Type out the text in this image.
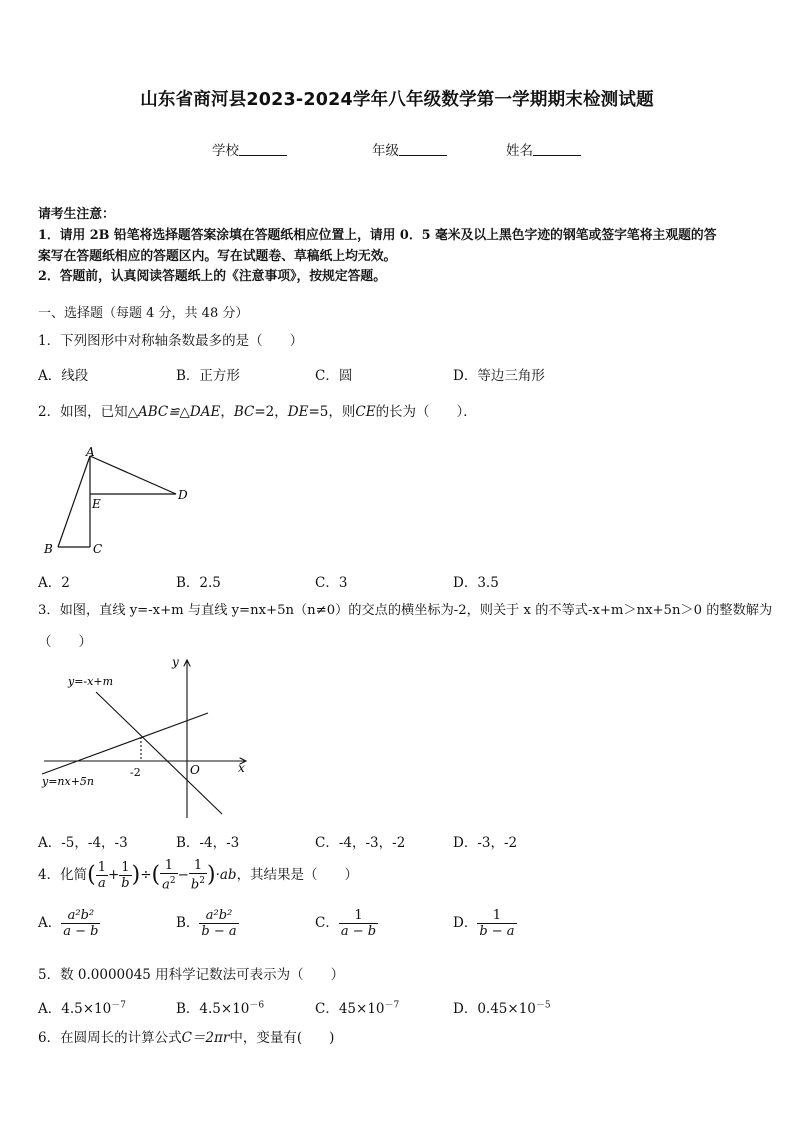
山东省商河县2023-2024学年八年级数学第一学期期末检测试题
学校	年级	姓名
请考生注意：
1．请用 2B 铅笔将选择题答案涂填在答题纸相应位置上，请用 0．5 毫米及以上黑色字迹的钢笔或签字笔将主观题的答
案写在答题纸相应的答题区内。写在试题卷、草稿纸上均无效。
2．答题前，认真阅读答题纸上的《注意事项》，按规定答题。
一、选择题（每题 4 分，共 48 分）
1．下列图形中对称轴条数最多的是（　　）
A．线段	B．正方形	C．圆	D．等边三角形
2．如图，已知△ABC≌△DAE，BC=2，DE=5，则CE的长为（　　）．
A
B	C
D
E
A．2	B．2.5	C．3	D．3.5
3．如图，直线 y=-x+m 与直线 y=nx+5n（n≠0）的交点的横坐标为-2，则关于 x 的不等式-x+m＞nx+5n＞0 的整数解为
（　　）
y
x
O
-2
y=-x+m
y=nx+5n
A．-5，-4，-3	B．-4，-3	C．-4，-3，-2	D．-3，-2
4．化简( $\frac{1}{a} + \frac{1}{b}$ )÷( $\frac{1}{a^2} - \frac{1}{b^2} )\cdot ab$，其结果是（　　）
A． $\frac{\text{a²b²}}{a - b}$	B． $\frac{\text{a²b²}}{b - a}$	C． $\frac{1}{a - b}$	D． $\frac{1}{b - a}$
5．数 0.0000045 用科学记数法可表示为（　　）
A．$4.5\times 10^{-7}$	B．$4.5\times 10^{-6}$	C．$45\times 10^{-7}$	D．$0.45\times 10^{-5}$
6．在圆周长的计算公式C＝2πr中，变量有(　　)
